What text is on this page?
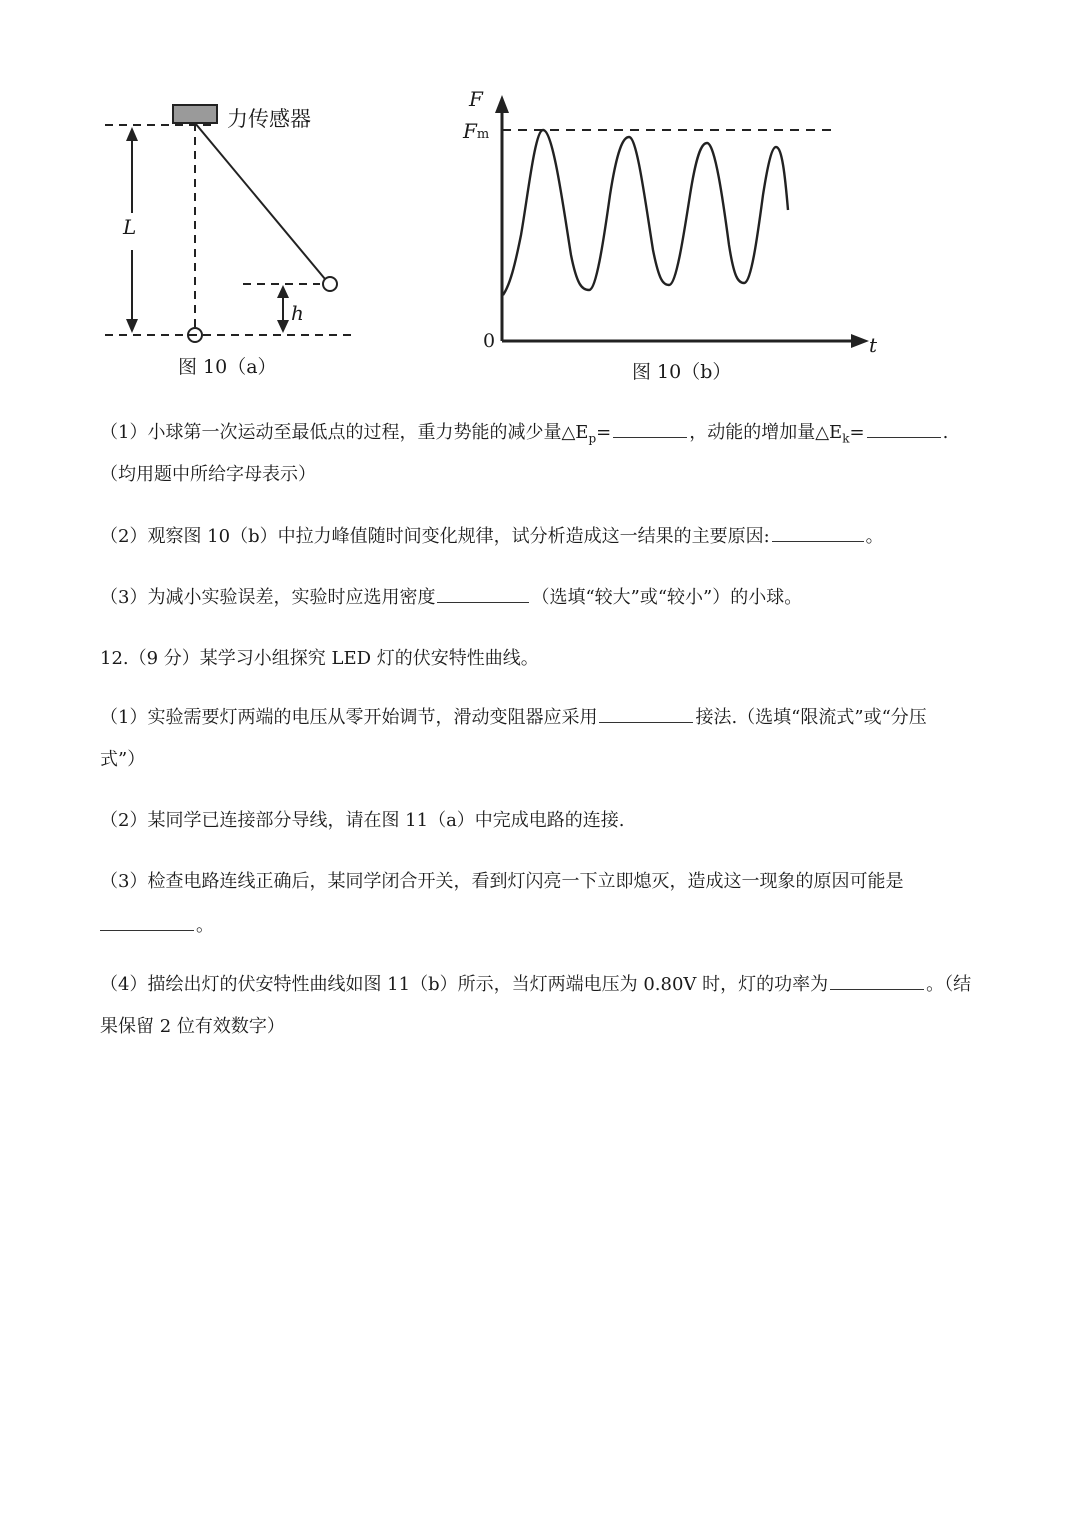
力传感器
L
h
图 10（a）
F
Fm
0	t
图 10（b）
（1）小球第一次运动至最低点的过程，重力势能的减少量$\triangle E_p=$	，动能的增加量$\triangle E_k=$	.
（均用题中所给字母表示）
（2）观察图 10（b）中拉力峰值随时间变化规律，试分析造成这一结果的主要原因:	。
（3）为减小实验误差，实验时应选用密度	（选填“较大”或“较小”）的小球。
12.（9 分）某学习小组探究 LED 灯的伏安特性曲线。
（1）实验需要灯两端的电压从零开始调节，滑动变阻器应采用	接法.（选填“限流式”或“分压
式”）
（2）某同学已连接部分导线，请在图 11（a）中完成电路的连接.
（3）检查电路连线正确后，某同学闭合开关，看到灯闪亮一下立即熄灭，造成这一现象的原因可能是
。
（4）描绘出灯的伏安特性曲线如图 11（b）所示，当灯两端电压为 0.80V 时，灯的功率为	。（结
果保留 2 位有效数字）
